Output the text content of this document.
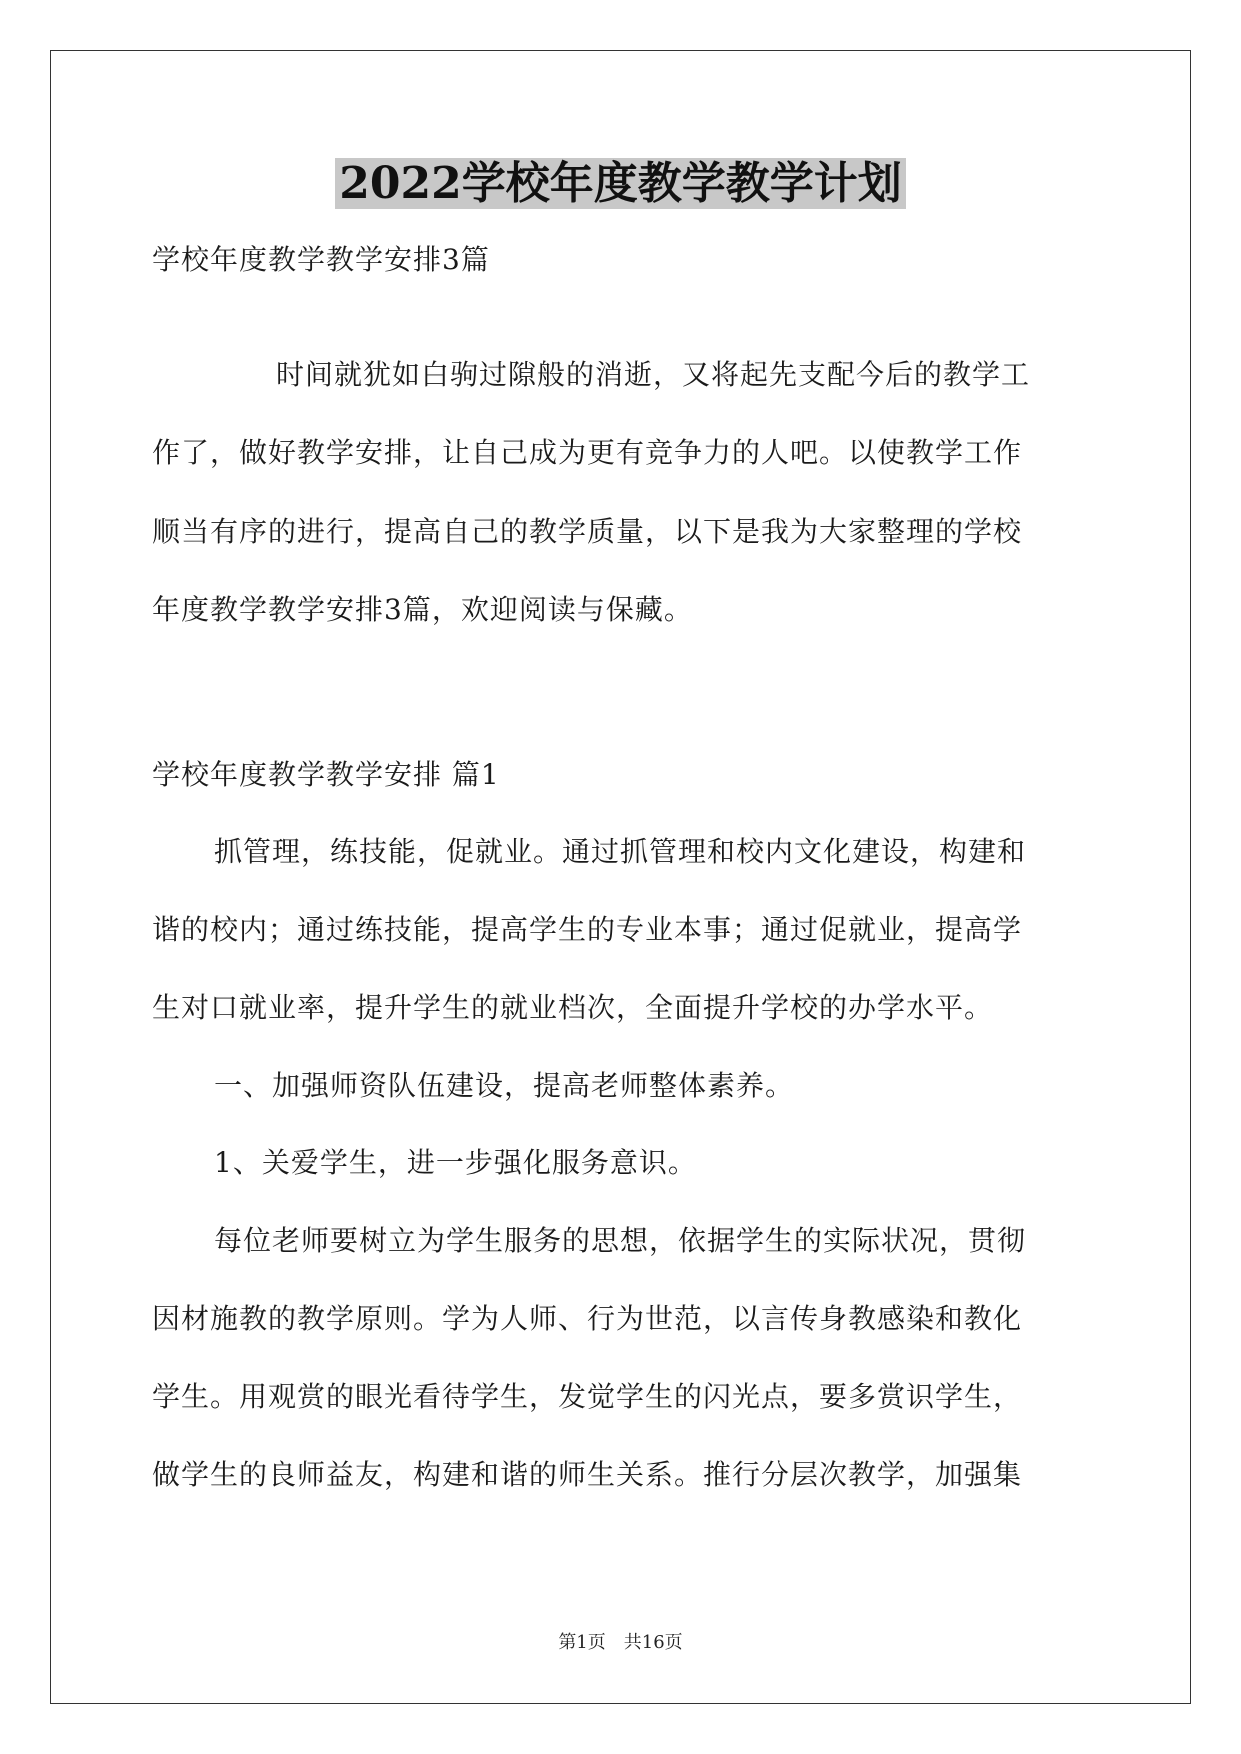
2022学校年度教学教学计划
学校年度教学教学安排3篇
时间就犹如白驹过隙般的消逝，又将起先支配今后的教学工
作了，做好教学安排，让自己成为更有竞争力的人吧。以使教学工作
顺当有序的进行，提高自己的教学质量，以下是我为大家整理的学校
年度教学教学安排3篇，欢迎阅读与保藏。
学校年度教学教学安排 篇1
抓管理，练技能，促就业。通过抓管理和校内文化建设，构建和
谐的校内；通过练技能，提高学生的专业本事；通过促就业，提高学
生对口就业率，提升学生的就业档次，全面提升学校的办学水平。
一、加强师资队伍建设，提高老师整体素养。
1、关爱学生，进一步强化服务意识。
每位老师要树立为学生服务的思想，依据学生的实际状况，贯彻
因材施教的教学原则。学为人师、行为世范，以言传身教感染和教化
学生。用观赏的眼光看待学生，发觉学生的闪光点，要多赏识学生，
做学生的良师益友，构建和谐的师生关系。推行分层次教学，加强集
第1页 共16页
